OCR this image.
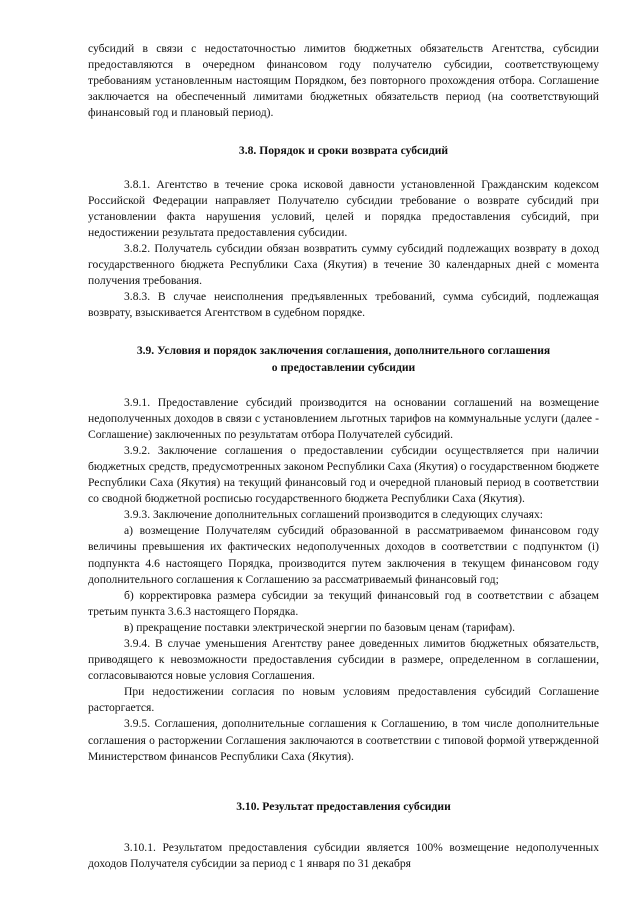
субсидий в связи с недостаточностью лимитов бюджетных обязательств Агентства, субсидии предоставляются в очередном финансовом году получателю субсидии, соответствующему требованиям установленным настоящим Порядком, без повторного прохождения отбора. Соглашение заключается на обеспеченный лимитами бюджетных обязательств период (на соответствующий финансовый год и плановый период).

3.8. Порядок и сроки возврата субсидий

3.8.1. Агентство в течение срока исковой давности установленной Гражданским кодексом Российской Федерации направляет Получателю субсидии требование о возврате субсидий при установлении факта нарушения условий, целей и порядка предоставления субсидий, при недостижении результата предоставления субсидии.

3.8.2. Получатель субсидии обязан возвратить сумму субсидий подлежащих возврату в доход государственного бюджета Республики Саха (Якутия) в течение 30 календарных дней с момента получения требования.

3.8.3. В случае неисполнения предъявленных требований, сумма субсидий, подлежащая возврату, взыскивается Агентством в судебном порядке.

3.9. Условия и порядок заключения соглашения, дополнительного соглашения
о предоставлении субсидии

3.9.1. Предоставление субсидий производится на основании соглашений на возмещение недополученных доходов в связи с установлением льготных тарифов на коммунальные услуги (далее - Соглашение) заключенных по результатам отбора Получателей субсидий.

3.9.2. Заключение соглашения о предоставлении субсидии осуществляется при наличии бюджетных средств, предусмотренных законом Республики Саха (Якутия) о государственном бюджете Республики Саха (Якутия) на текущий финансовый год и очередной плановый период в соответствии со сводной бюджетной росписью государственного бюджета Республики Саха (Якутия).

3.9.3. Заключение дополнительных соглашений производится в следующих случаях:

а) возмещение Получателям субсидий образованной в рассматриваемом финансовом году величины превышения их фактических недополученных доходов в соответствии с подпунктом (i) подпункта 4.6 настоящего Порядка, производится путем заключения в текущем финансовом году дополнительного соглашения к Соглашению за рассматриваемый финансовый год;

б) корректировка размера субсидии за текущий финансовый год в соответствии с абзацем третьим пункта 3.6.3 настоящего Порядка.

в) прекращение поставки электрической энергии по базовым ценам (тарифам).

3.9.4. В случае уменьшения Агентству ранее доведенных лимитов бюджетных обязательств, приводящего к невозможности предоставления субсидии в размере, определенном в соглашении, согласовываются новые условия Соглашения.

При недостижении согласия по новым условиям предоставления субсидий Соглашение расторгается.

3.9.5. Соглашения, дополнительные соглашения к Соглашению, в том числе дополнительные соглашения о расторжении Соглашения заключаются в соответствии с типовой формой утвержденной Министерством финансов Республики Саха (Якутия).

3.10. Результат предоставления субсидии

3.10.1. Результатом предоставления субсидии является 100% возмещение недополученных доходов Получателя субсидии за период с 1 января по 31 декабря
